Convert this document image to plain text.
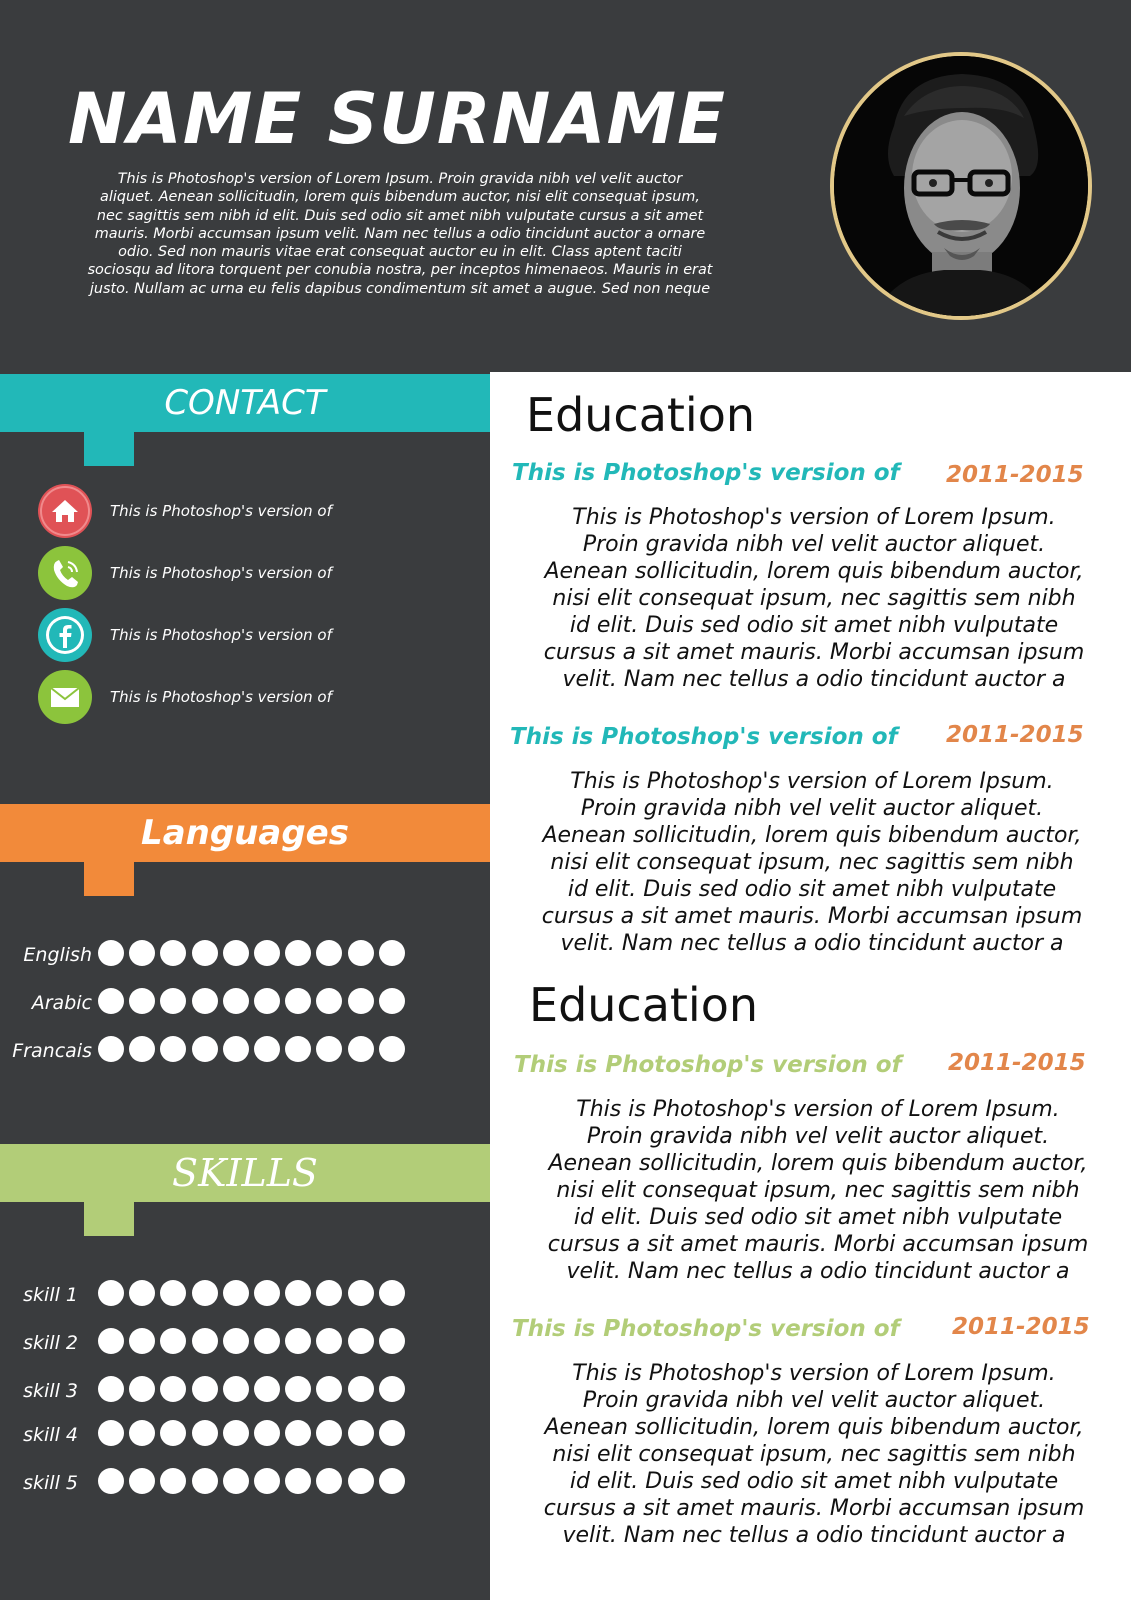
NAME SURNAME
This is Photoshop's version of Lorem Ipsum. Proin gravida nibh vel velit auctor
aliquet. Aenean sollicitudin, lorem quis bibendum auctor, nisi elit consequat ipsum,
nec sagittis sem nibh id elit. Duis sed odio sit amet nibh vulputate cursus a sit amet
mauris. Morbi accumsan ipsum velit. Nam nec tellus a odio tincidunt auctor a ornare
odio. Sed non mauris vitae erat consequat auctor eu in elit. Class aptent taciti
sociosqu ad litora torquent per conubia nostra, per inceptos himenaeos. Mauris in erat
justo. Nullam ac urna eu felis dapibus condimentum sit amet a augue. Sed non neque
CONTACT
This is Photoshop's version of
This is Photoshop's version of
This is Photoshop's version of
This is Photoshop's version of
Languages
English
Arabic
Francais
SKILLS
skill 1
skill 2
skill 3
skill 4
skill 5
Education
This is Photoshop's version of 2011-2015
This is Photoshop's version of Lorem Ipsum.
Proin gravida nibh vel velit auctor aliquet.
Aenean sollicitudin, lorem quis bibendum auctor,
nisi elit consequat ipsum, nec sagittis sem nibh
id elit. Duis sed odio sit amet nibh vulputate
cursus a sit amet mauris. Morbi accumsan ipsum
velit. Nam nec tellus a odio tincidunt auctor a
This is Photoshop's version of 2011-2015
This is Photoshop's version of Lorem Ipsum.
Proin gravida nibh vel velit auctor aliquet.
Aenean sollicitudin, lorem quis bibendum auctor,
nisi elit consequat ipsum, nec sagittis sem nibh
id elit. Duis sed odio sit amet nibh vulputate
cursus a sit amet mauris. Morbi accumsan ipsum
velit. Nam nec tellus a odio tincidunt auctor a
Education
This is Photoshop's version of 2011-2015
This is Photoshop's version of Lorem Ipsum.
Proin gravida nibh vel velit auctor aliquet.
Aenean sollicitudin, lorem quis bibendum auctor,
nisi elit consequat ipsum, nec sagittis sem nibh
id elit. Duis sed odio sit amet nibh vulputate
cursus a sit amet mauris. Morbi accumsan ipsum
velit. Nam nec tellus a odio tincidunt auctor a
This is Photoshop's version of 2011-2015
This is Photoshop's version of Lorem Ipsum.
Proin gravida nibh vel velit auctor aliquet.
Aenean sollicitudin, lorem quis bibendum auctor,
nisi elit consequat ipsum, nec sagittis sem nibh
id elit. Duis sed odio sit amet nibh vulputate
cursus a sit amet mauris. Morbi accumsan ipsum
velit. Nam nec tellus a odio tincidunt auctor a
